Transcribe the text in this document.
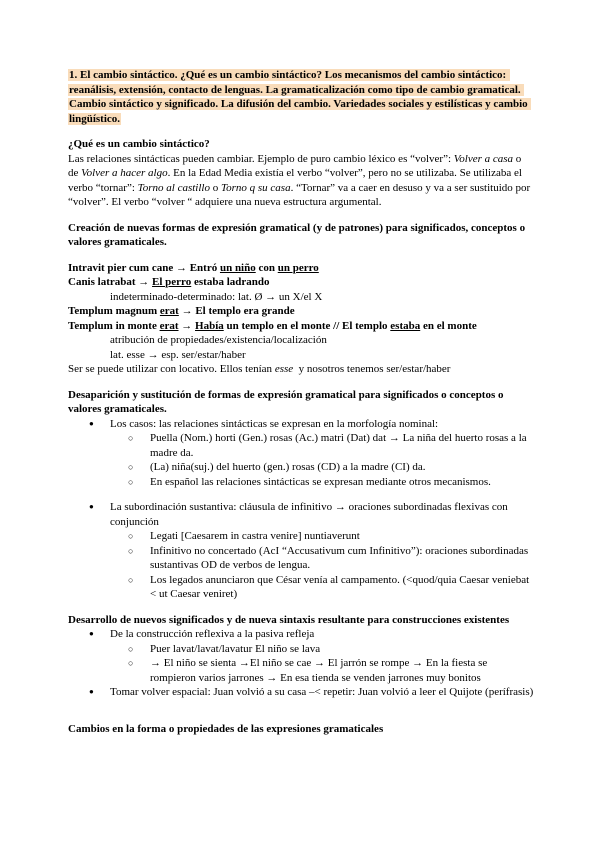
1. El cambio sintáctico. ¿Qué es un cambio sintáctico? Los mecanismos del cambio sintáctico: reanálisis, extensión, contacto de lenguas. La gramaticalización como tipo de cambio gramatical. Cambio sintáctico y significado. La difusión del cambio. Variedades sociales y estilísticas y cambio lingüístico.
¿Qué es un cambio sintáctico?
Las relaciones sintácticas pueden cambiar. Ejemplo de puro cambio léxico es “volver”: Volver a casa o de Volver a hacer algo. En la Edad Media existía el verbo “volver”, pero no se utilizaba. Se utilizaba el verbo “tornar”: Torno al castillo o Torno q su casa. “Tornar” va a caer en desuso y va a ser sustituido por “volver”. El verbo “volver “ adquiere una nueva estructura argumental.
Creación de nuevas formas de expresión gramatical (y de patrones) para significados, conceptos o valores gramaticales.
Intravit pier cum cane → Entró un niño con un perro
Canis latrabat → El perro estaba ladrando
indeterminado-determinado: lat. Ø → un X/el X
Templum magnum erat → El templo era grande
Templum in monte erat → Había un templo en el monte // El templo estaba en el monte
atribución de propiedades/existencia/localización
lat. esse → esp. ser/estar/haber
Ser se puede utilizar con locativo. Ellos tenían esse  y nosotros tenemos ser/estar/haber
Desaparición y sustitución de formas de expresión gramatical para significados o conceptos o valores gramaticales.
● Los casos: las relaciones sintácticas se expresan en la morfología nominal:
○ Puella (Nom.) horti (Gen.) rosas (Ac.) matri (Dat) dat → La niña del huerto rosas a la madre da.
○ (La) niña(suj.) del huerto (gen.) rosas (CD) a la madre (CI) da.
○ En español las relaciones sintácticas se expresan mediante otros mecanismos.
● La subordinación sustantiva: cláusula de infinitivo → oraciones subordinadas flexivas con conjunción
○ Legati [Caesarem in castra venire] nuntiaverunt
○ Infinitivo no concertado (AcI “Accusativum cum Infinitivo”): oraciones subordinadas sustantivas OD de verbos de lengua.
○ Los legados anunciaron que César venía al campamento. (<quod/quia Caesar veniebat < ut Caesar veniret)
Desarrollo de nuevos significados y de nueva sintaxis resultante para construcciones existentes
● De la construcción reflexiva a la pasiva refleja
○ Puer lavat/lavat/lavatur El niño se lava
○ → El niño se sienta →El niño se cae → El jarrón se rompe → En la fiesta se rompieron varios jarrones → En esa tienda se venden jarrones muy bonitos
● Tomar volver espacial: Juan volvió a su casa –< repetir: Juan volvió a leer el Quijote (perífrasis)
Cambios en la forma o propiedades de las expresiones gramaticales
